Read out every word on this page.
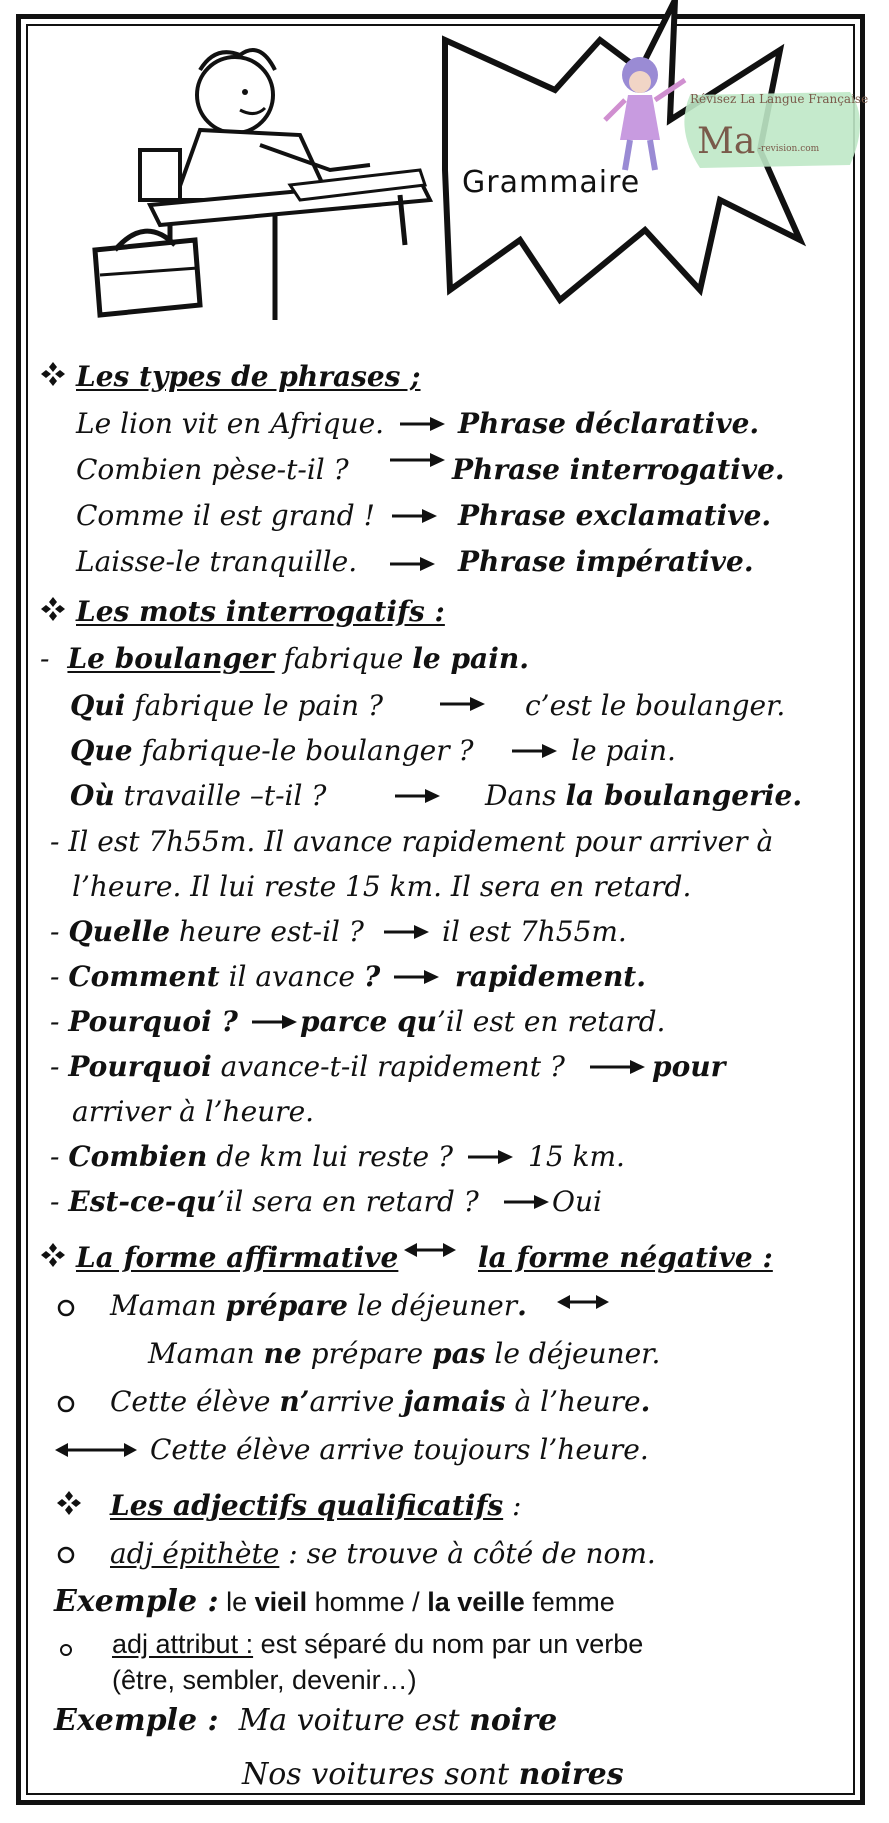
Grammaire
Révisez La Langue Française
Ma -revision.com
Les types de phrases ;
Le lion vit en Afrique.	Phrase déclarative.
Combien pèse-t-il ?	Phrase interrogative.
Comme il est grand !	Phrase exclamative.
Laisse-le tranquille.	Phrase impérative.
Les mots interrogatifs :
- Le boulanger fabrique le pain.
Qui fabrique le pain ?	c’est le boulanger.
Que fabrique-le boulanger ?	le pain.
Où travaille –t-il ?	Dans la boulangerie.
- Il est 7h55m. Il avance rapidement pour arriver à
l’heure. Il lui reste 15 km. Il sera en retard.
- Quelle heure est-il ?	il est 7h55m.
- Comment il avance ?	rapidement.
- Pourquoi ? parce qu’il est en retard.
- Pourquoi avance-t-il rapidement ?	pour
arriver à l’heure.
- Combien de km lui reste ?	15 km.
- Est-ce-qu’il sera en retard ?	Oui
La forme affirmative	la forme négative :
Maman prépare le déjeuner.
Maman ne prépare pas le déjeuner.
Cette élève n’arrive jamais à l’heure.
Cette élève arrive toujours l’heure.
Les adjectifs qualificatifs :
adj épithète : se trouve à côté de nom.
Exemple : le vieil homme / la veille femme
adj attribut : est séparé du nom par un verbe
(être, sembler, devenir…)
Exemple : Ma voiture est noire
Nos voitures sont noires
